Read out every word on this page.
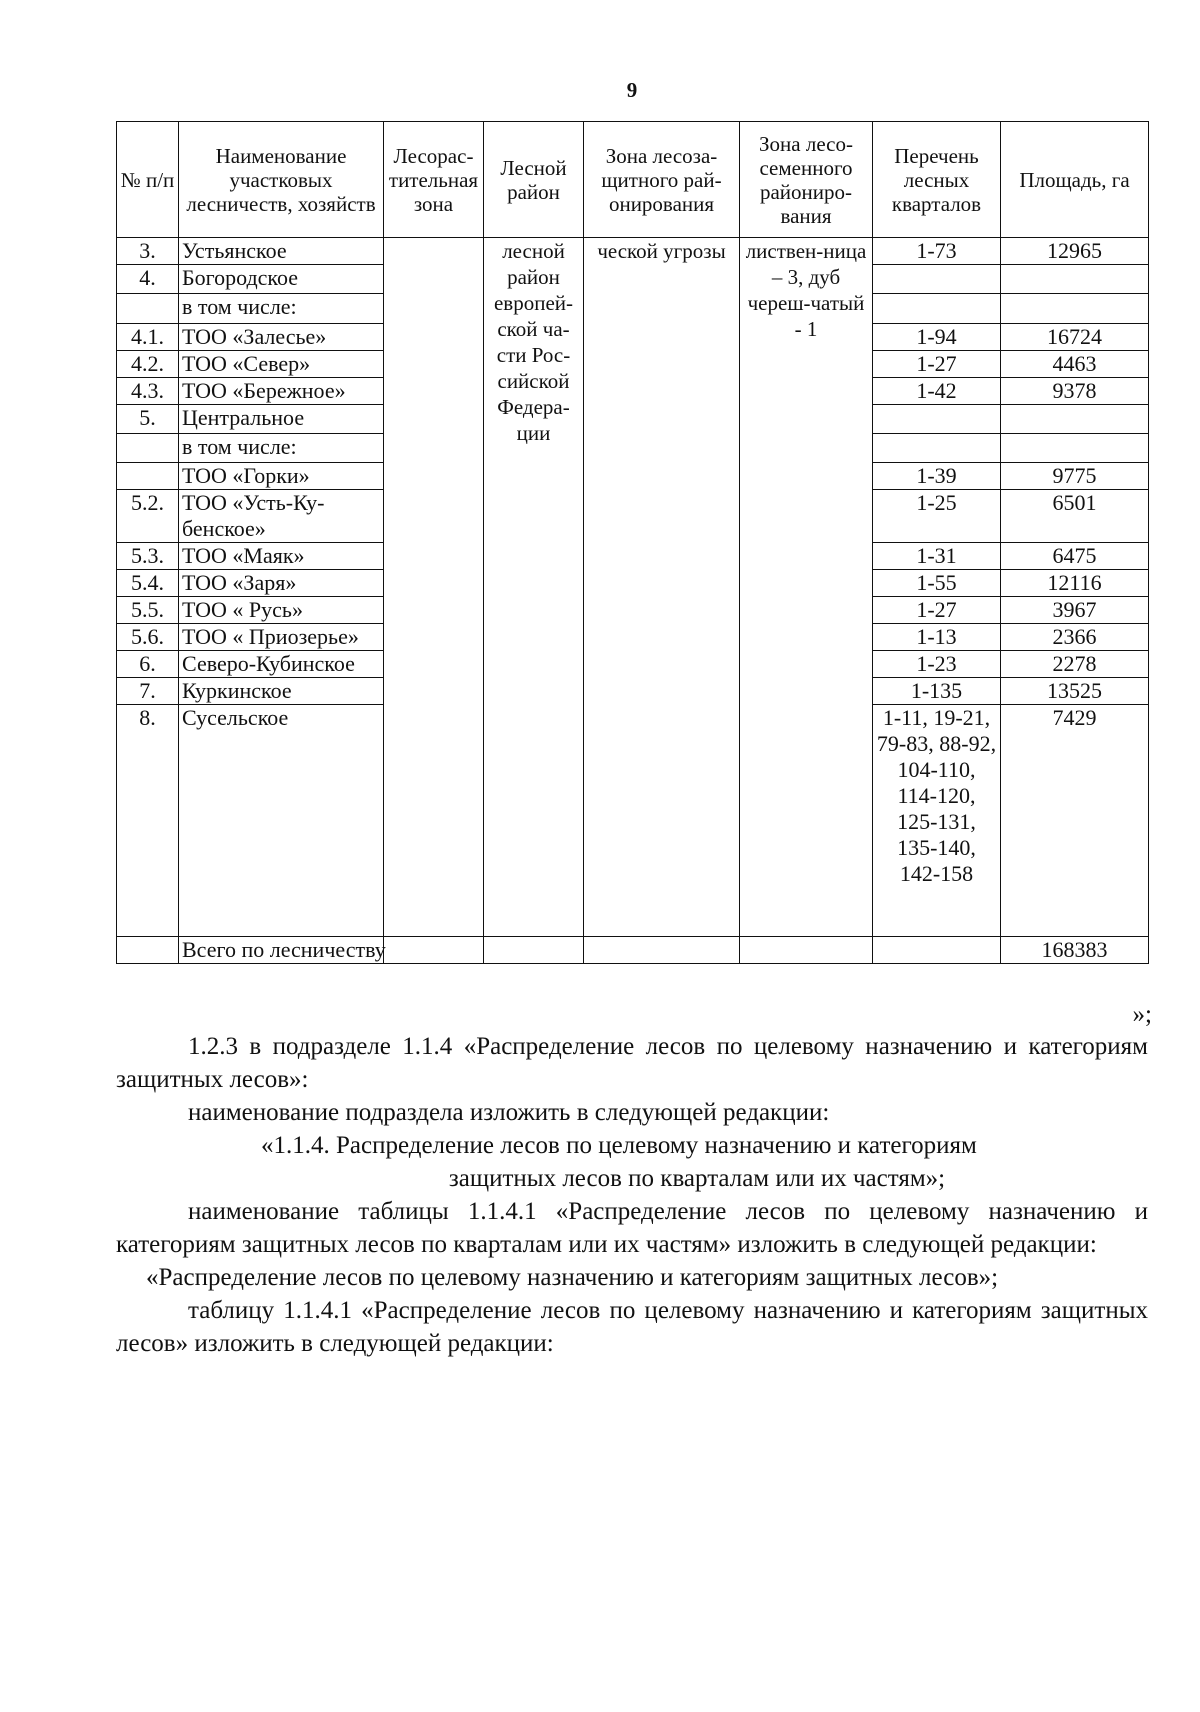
9
№ п/п	Наименование участковых лесничеств, хозяйств	Лесорас-тительная зона	Лесной район	Зона лесоза-щитного рай-онирования	Зона лесо-семенного райониро-вания	Перечень лесных кварталов	Площадь, га
3.	Устьянское		лесной район европей-ской ча-сти Рос-сийской Федера-ции	ческой угрозы	листвен-ница – 3, дуб череш-чатый - 1	1-73	12965
4.	Богородское						
	в том числе:						
4.1.	ТОО «Залесье»					1-94	16724
4.2.	ТОО «Север»					1-27	4463
4.3.	ТОО «Бережное»					1-42	9378
5.	Центральное						
	в том числе:						
	ТОО «Горки»					1-39	9775
5.2.	ТОО «Усть-Ку-бенское»					1-25	6501
5.3.	ТОО «Маяк»					1-31	6475
5.4.	ТОО «Заря»					1-55	12116
5.5.	ТОО « Русь»					1-27	3967
5.6.	ТОО « Приозерье»					1-13	2366
6.	Северо-Кубинское					1-23	2278
7.	Куркинское					1-135	13525
8.	Сусельское					1-11, 19-21, 79-83, 88-92, 104-110, 114-120, 125-131, 135-140, 142-158	7429
	Всего по лесничеству						168383
»;

1.2.3 в подразделе 1.1.4 «Распределение лесов по целевому назначению и категориям защитных лесов»:

наименование подраздела изложить в следующей редакции:

«1.1.4. Распределение лесов по целевому назначению и категориям

защитных лесов по кварталам или их частям»;

наименование таблицы 1.1.4.1 «Распределение лесов по целевому назначению и категориям защитных лесов по кварталам или их частям» изложить в следующей редакции:

«Распределение лесов по целевому назначению и категориям защитных лесов»;

таблицу 1.1.4.1 «Распределение лесов по целевому назначению и категориям защитных лесов» изложить в следующей редакции:
